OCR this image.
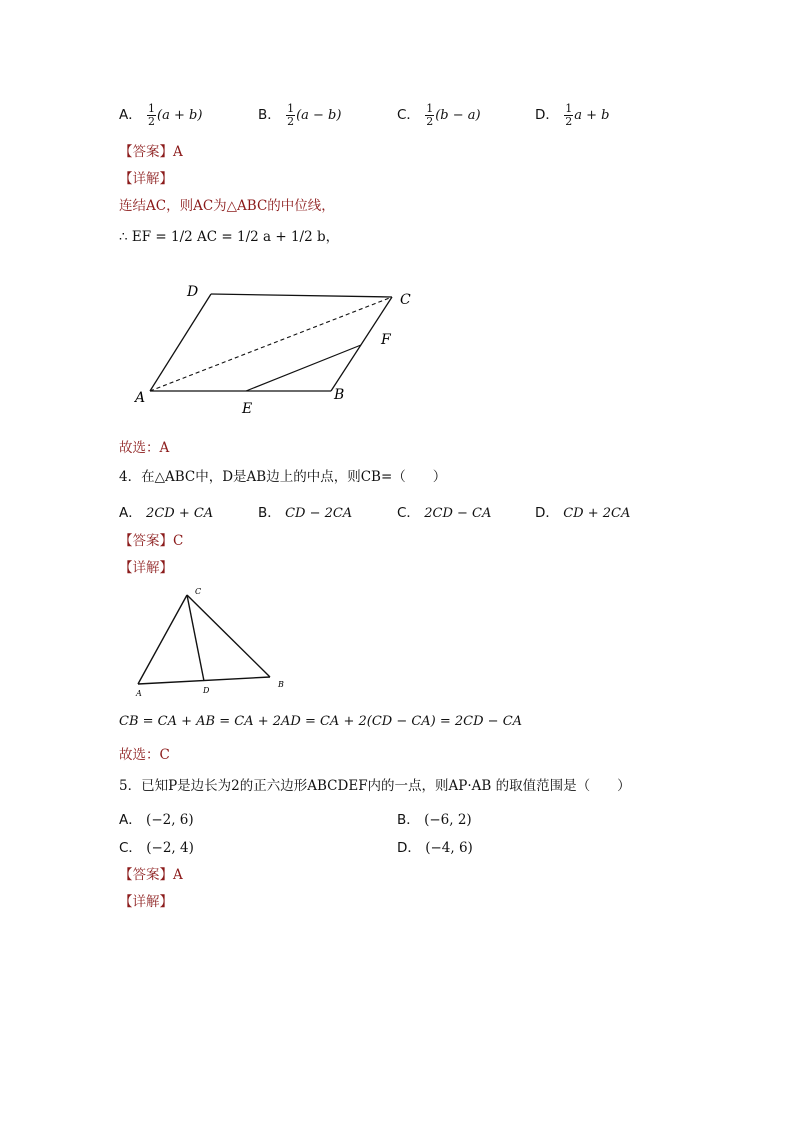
A． $\frac{1}{2} (a + b)$	B． $\frac{1}{2} (a - b)$	C． $\frac{1}{2} (b - a)$	D． $\frac{1}{2}$ a + b
【答案】A
【详解】
连结AC，则AC为△ABC的中位线，
∴ EF = 1/2 AC = 1/2 a + 1/2 b，
A
D	C
F
B
E
故选：A
4．在△ABC中，D是AB边上的中点，则CB=（　　）
A． 2CD + CA	B． CD − 2CA	C． 2CD − CA	D． CD + 2CA
【答案】C
【详解】
A
C
B
D
CB = CA + AB = CA + 2AD = CA + 2(CD − CA) = 2CD − CA
故选：C
5．已知P是边长为2的正六边形ABCDEF内的一点，则AP·AB 的取值范围是（　　）
A． (−2, 6)	B． (−6, 2)
C． (−2, 4)	D． (−4, 6)
【答案】A
【详解】
